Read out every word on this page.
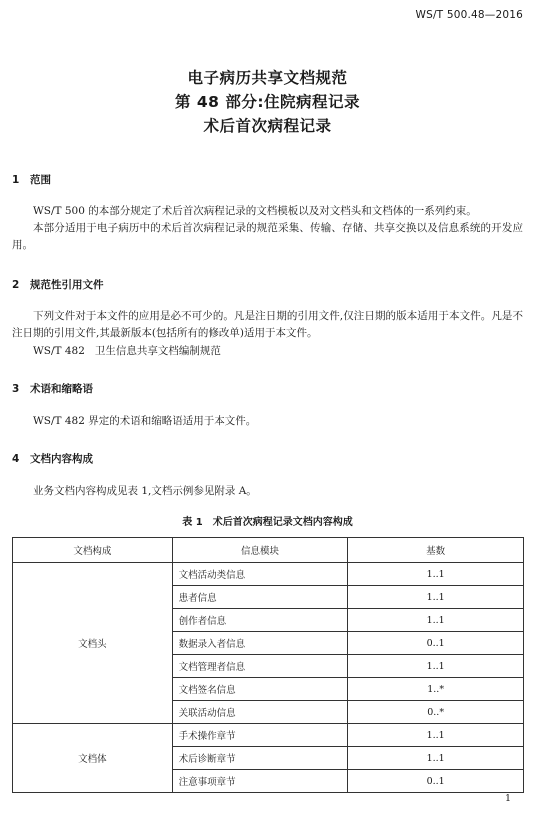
WS/T 500.48—2016
电子病历共享文档规范
第 48 部分:住院病程记录
术后首次病程记录
1 范围
WS/T 500 的本部分规定了术后首次病程记录的文档模板以及对文档头和文档体的一系列约束。
本部分适用于电子病历中的术后首次病程记录的规范采集、传输、存储、共享交换以及信息系统的开发应用。
2 规范性引用文件
下列文件对于本文件的应用是必不可少的。凡是注日期的引用文件,仅注日期的版本适用于本文件。凡是不注日期的引用文件,其最新版本(包括所有的修改单)适用于本文件。
WS/T 482 卫生信息共享文档编制规范
3 术语和缩略语
WS/T 482 界定的术语和缩略语适用于本文件。
4 文档内容构成
业务文档内容构成见表 1,文档示例参见附录 A。
表 1　术后首次病程记录文档内容构成
文档构成	信息模块	基数
文档头	文档活动类信息	1..1
	患者信息	1..1
	创作者信息	1..1
	数据录入者信息	0..1
	文档管理者信息	1..1
	文档签名信息	1..*
	关联活动信息	0..*
文档体	手术操作章节	1..1
	术后诊断章节	1..1
	注意事项章节	0..1
1
